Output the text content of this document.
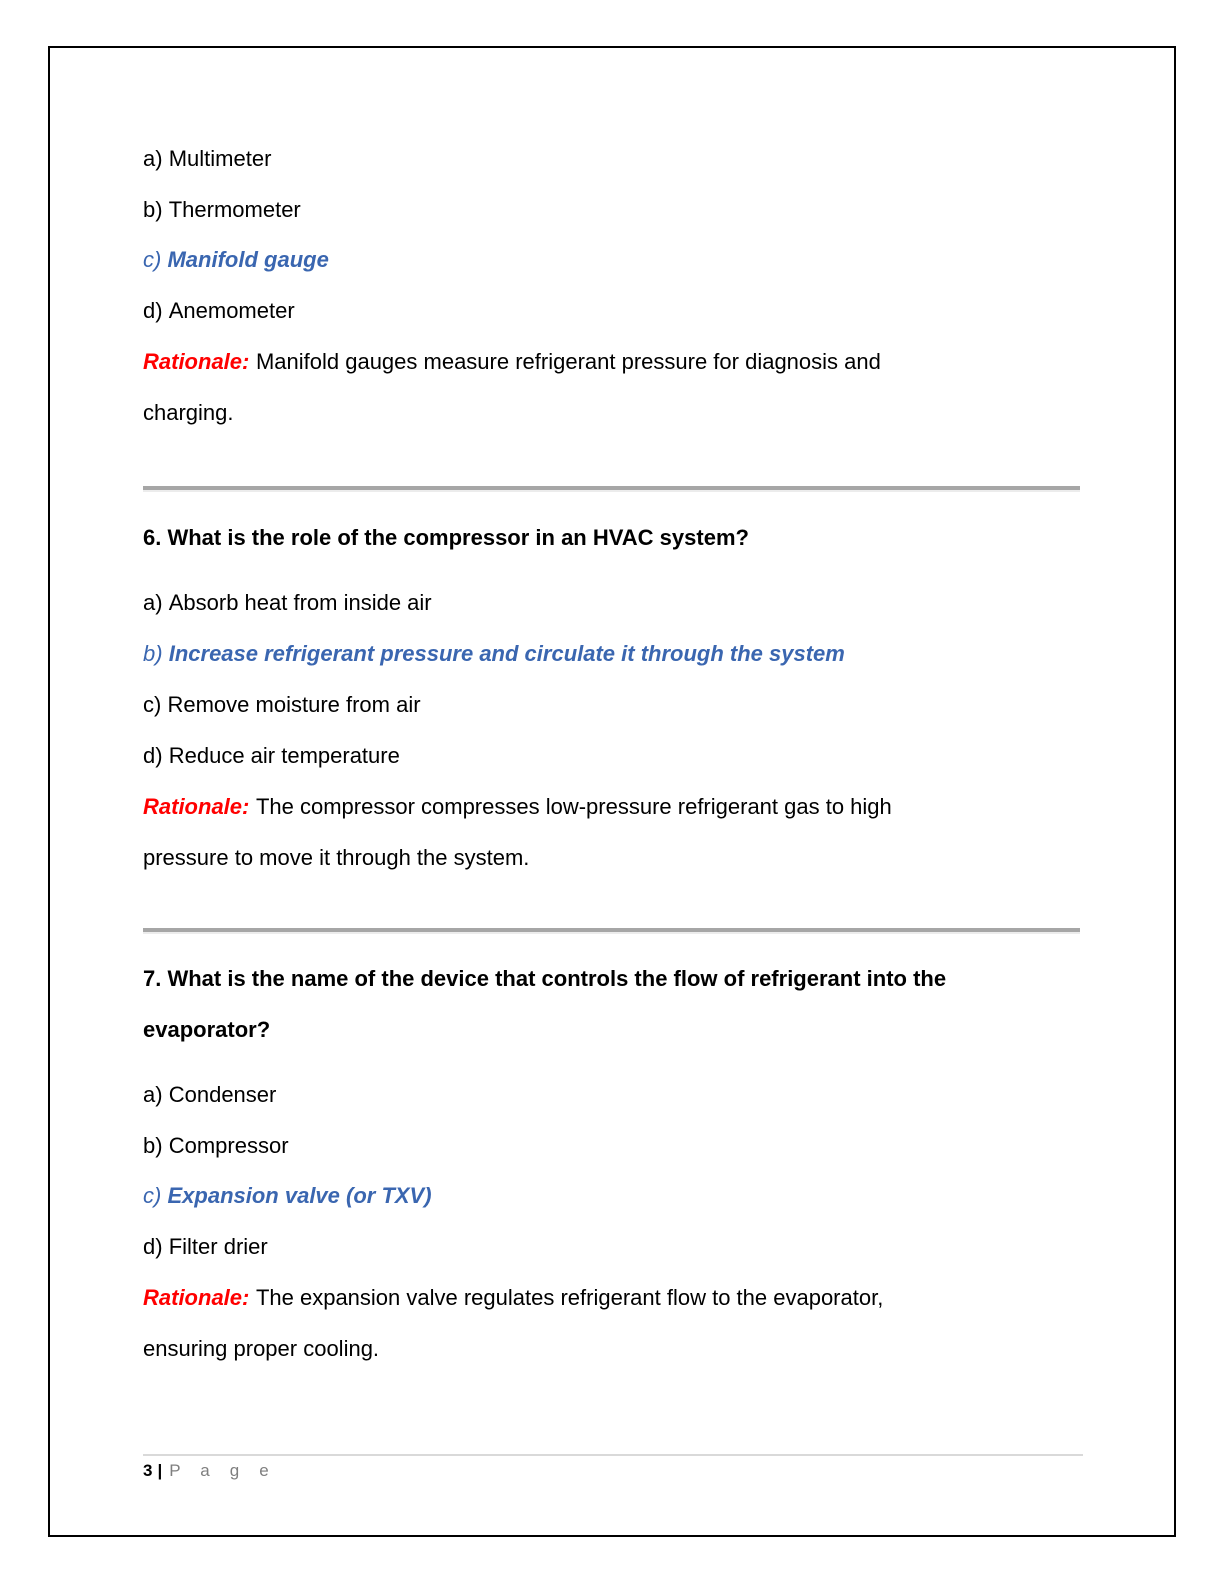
a) Multimeter
b) Thermometer
c) Manifold gauge
d) Anemometer
Rationale: Manifold gauges measure refrigerant pressure for diagnosis and
charging.
6. What is the role of the compressor in an HVAC system?
a) Absorb heat from inside air
b) Increase refrigerant pressure and circulate it through the system
c) Remove moisture from air
d) Reduce air temperature
Rationale: The compressor compresses low-pressure refrigerant gas to high
pressure to move it through the system.
7. What is the name of the device that controls the flow of refrigerant into the
evaporator?
a) Condenser
b) Compressor
c) Expansion valve (or TXV)
d) Filter drier
Rationale: The expansion valve regulates refrigerant flow to the evaporator,
ensuring proper cooling.
3 | P a g e
